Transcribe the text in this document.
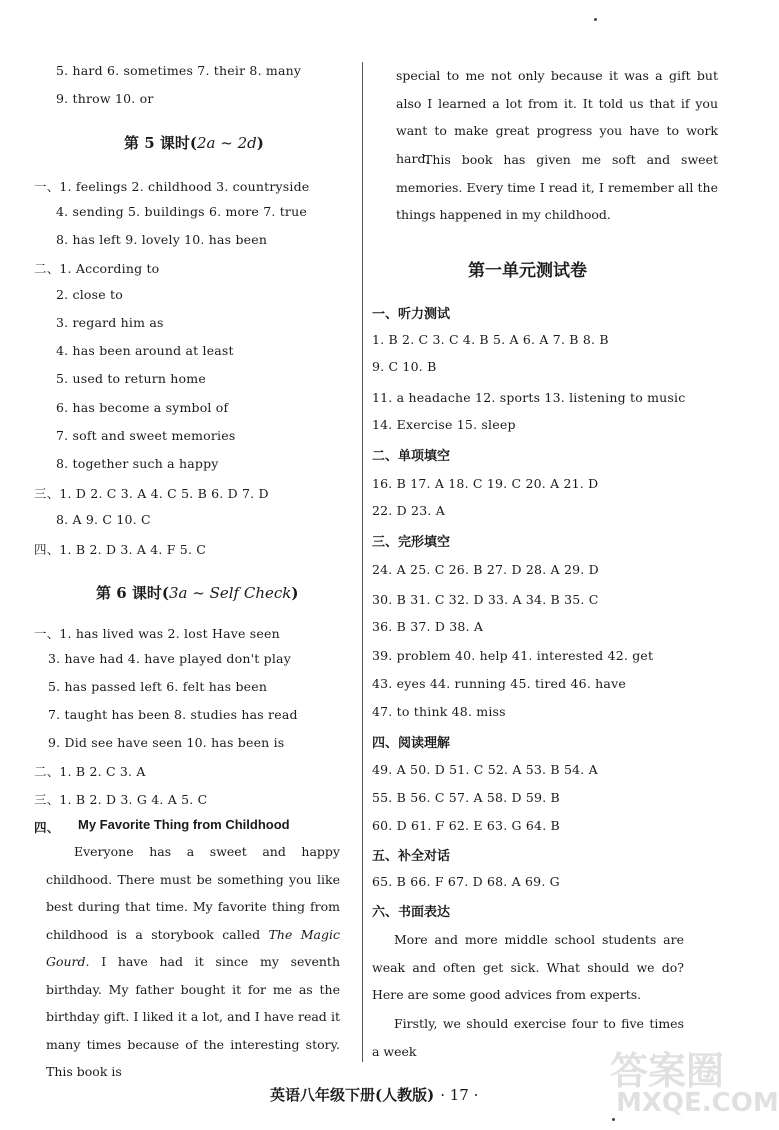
5. hard 6. sometimes 7. their 8. many
9. throw 10. or
第 5 课时(2a ~ 2d)
一、1. feelings 2. childhood 3. countryside
4. sending 5. buildings 6. more 7. true
8. has left 9. lovely 10. has been
二、1. According to
2. close to
3. regard him as
4. has been around at least
5. used to return home
6. has become a symbol of
7. soft and sweet memories
8. together such a happy
三、1. D 2. C 3. A 4. C 5. B 6. D 7. D
8. A 9. C 10. C
四、1. B 2. D 3. A 4. F 5. C
第 6 课时(3a ~ Self Check)
一、1. has lived was 2. lost Have seen
3. have had 4. have played don't play
5. has passed left 6. felt has been
7. taught has been 8. studies has read
9. Did see have seen 10. has been is
二、1. B 2. C 3. A
三、1. B 2. D 3. G 4. A 5. C
四、 My Favorite Thing from Childhood
Everyone has a sweet and happy childhood. There must be something you like best during that time. My favorite thing from childhood is a storybook called The Magic Gourd. I have had it since my seventh birthday. My father bought it for me as the birthday gift. I liked it a lot, and I have read it many times because of the interesting story. This book is
special to me not only because it was a gift but also I learned a lot from it. It told us that if you want to make great progress you have to work hard.
This book has given me soft and sweet memories. Every time I read it, I remember all the things happened in my childhood.
第一单元测试卷
一、听力测试
1. B 2. C 3. C 4. B 5. A 6. A 7. B 8. B
9. C 10. B
11. a headache 12. sports 13. listening to music
14. Exercise 15. sleep
二、单项填空
16. B 17. A 18. C 19. C 20. A 21. D
22. D 23. A
三、完形填空
24. A 25. C 26. B 27. D 28. A 29. D
30. B 31. C 32. D 33. A 34. B 35. C
36. B 37. D 38. A
39. problem 40. help 41. interested 42. get
43. eyes 44. running 45. tired 46. have
47. to think 48. miss
四、阅读理解
49. A 50. D 51. C 52. A 53. B 54. A
55. B 56. C 57. A 58. D 59. B
60. D 61. F 62. E 63. G 64. B
五、补全对话
65. B 66. F 67. D 68. A 69. G
六、书面表达
More and more middle school students are weak and often get sick. What should we do? Here are some good advices from experts.
Firstly, we should exercise four to five times a week
英语八年级下册(人教版) · 17 ·
答案圈
MXQE.COM
